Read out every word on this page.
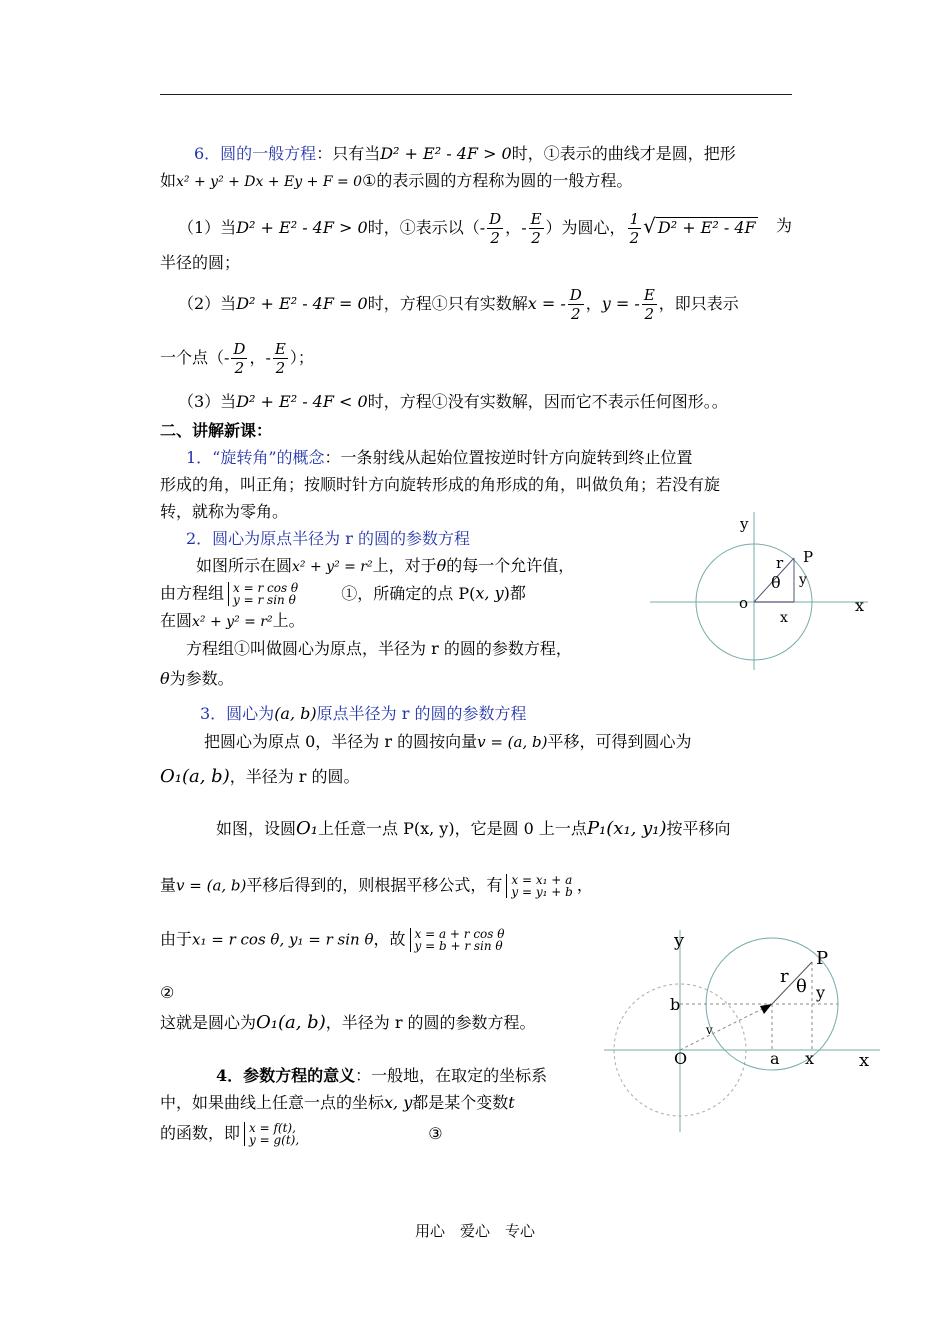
6．圆的一般方程：只有当D² + E² - 4F > 0时，①表示的曲线才是圆，把形
如x² + y² + Dx + Ey + F = 0①的表示圆的方程称为圆的一般方程。
（1）当D² + E² - 4F > 0时，①表示以（- $\frac{D}{2}$ ，- $\frac{E}{2}$ ）为圆心， $\frac{1}{2}$ √ D² + E² - 4F 为
半径的圆；
（2）当D² + E² - 4F = 0时，方程①只有实数解x = - $\frac{D}{2}$ ，y = - $\frac{E}{2}$ ，即只表示
一个点（- $\frac{D}{2}$ ，- $\frac{E}{2}$ ）；
（3）当D² + E² - 4F < 0时，方程①没有实数解，因而它不表示任何图形。。
二、讲解新课：
1．“旋转角”的概念：一条射线从起始位置按逆时针方向旋转到终止位置
形成的角，叫正角；按顺时针方向旋转形成的角形成的角，叫做负角；若没有旋
转，就称为零角。
2．圆心为原点半径为 r 的圆的参数方程
如图所示在圆x² + y² = r²上，对于θ的每一个允许值，
由方程组 x = r cos θ
y = r sin θ	①，所确定的点 P(x, y)都
在圆x² + y² = r²上。
方程组①叫做圆心为原点，半径为 r 的圆的参数方程，
θ为参数。
y
x
o
r
θ
P
y
x
3．圆心为(a, b)原点半径为 r 的圆的参数方程
把圆心为原点 0，半径为 r 的圆按向量v = (a, b)平移，可得到圆心为
O₁(a, b)，半径为 r 的圆。
如图，设圆O₁上任意一点 P(x, y)，它是圆 0 上一点P₁(x₁, y₁)按平移向
量v = (a, b)平移后得到的，则根据平移公式，有 x = x₁ + a
y = y₁ + b ，
由于x₁ = r cos θ, y₁ = r sin θ，故 x = a + r cos θ
y = b + r sin θ
②
这就是圆心为O₁(a, b)，半径为 r 的圆的参数方程。
y
x
O
b
a x
y
r θ
P
v
4．参数方程的意义：一般地，在取定的坐标系
中，如果曲线上任意一点的坐标x, y都是某个变数t
的函数，即 x = f(t),
y = g(t),	③
用心　爱心　专心
